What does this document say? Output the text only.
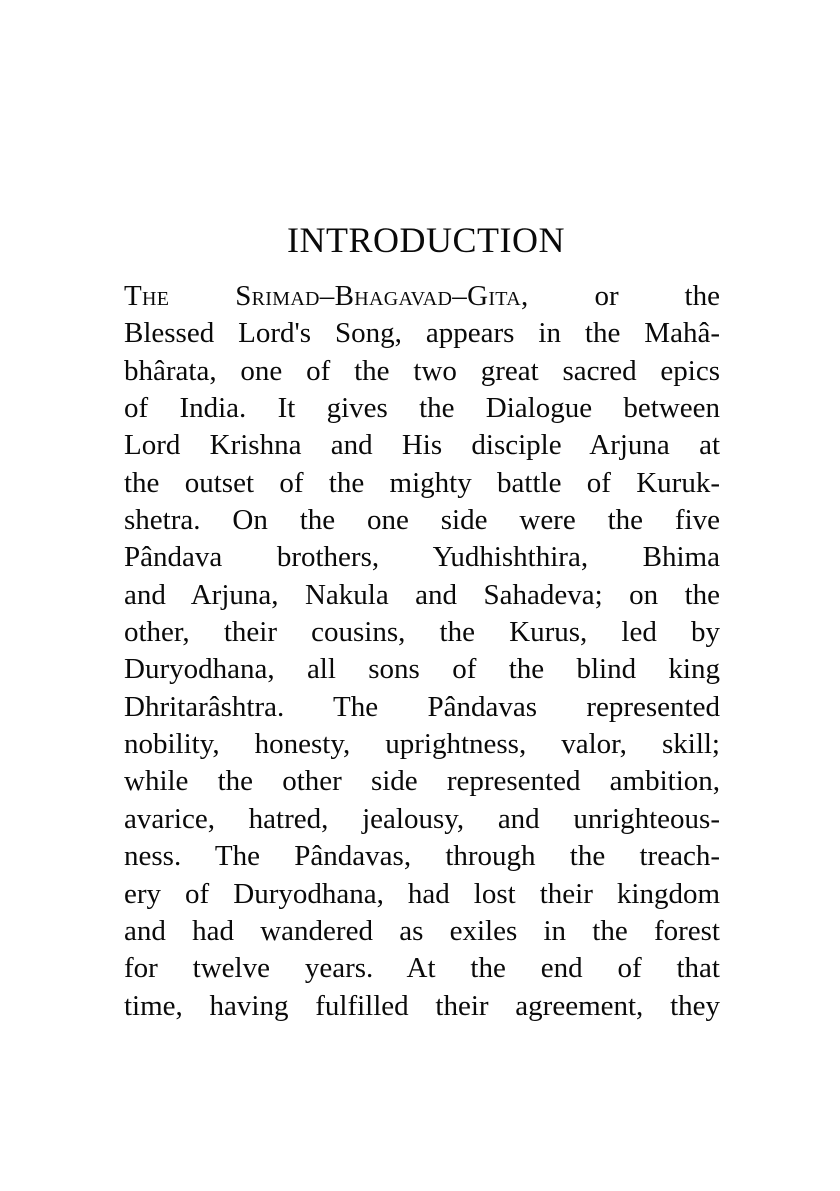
INTRODUCTION
The Srimad–Bhagavad–Gita, or the
Blessed Lord's Song, appears in the Mahâ-
bhârata, one of the two great sacred epics
of India. It gives the Dialogue between
Lord Krishna and His disciple Arjuna at
the outset of the mighty battle of Kuruk-
shetra. On the one side were the five
Pândava brothers, Yudhishthira, Bhima
and Arjuna, Nakula and Sahadeva; on the
other, their cousins, the Kurus, led by
Duryodhana, all sons of the blind king
Dhritarâshtra. The Pândavas represented
nobility, honesty, uprightness, valor, skill;
while the other side represented ambition,
avarice, hatred, jealousy, and unrighteous-
ness. The Pândavas, through the treach-
ery of Duryodhana, had lost their kingdom
and had wandered as exiles in the forest
for twelve years. At the end of that
time, having fulfilled their agreement, they
